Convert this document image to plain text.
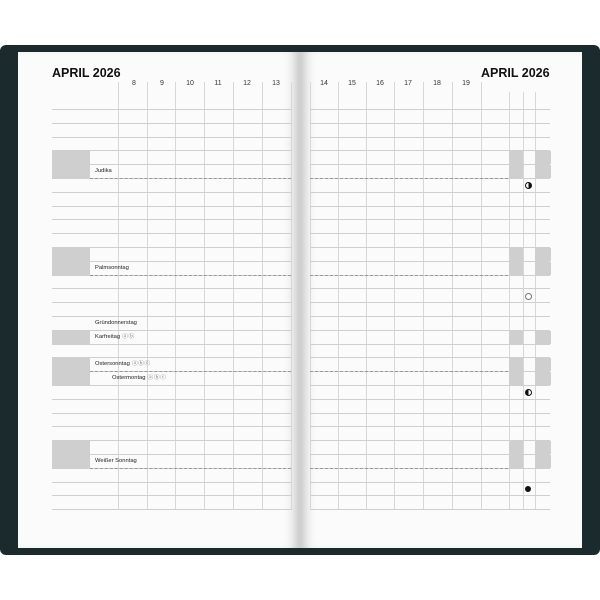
APRIL 2026	APRIL 2026
8	9	10	11	12	13	14	15	16	17	18	19
Judika
Palmsonntag
Gründonnerstag
Karfreitag ⓐⓑ
Ostersonntag ⓐⓑⓒ
Ostermontag ⓐⓑⓒ
Weißer Sonntag
